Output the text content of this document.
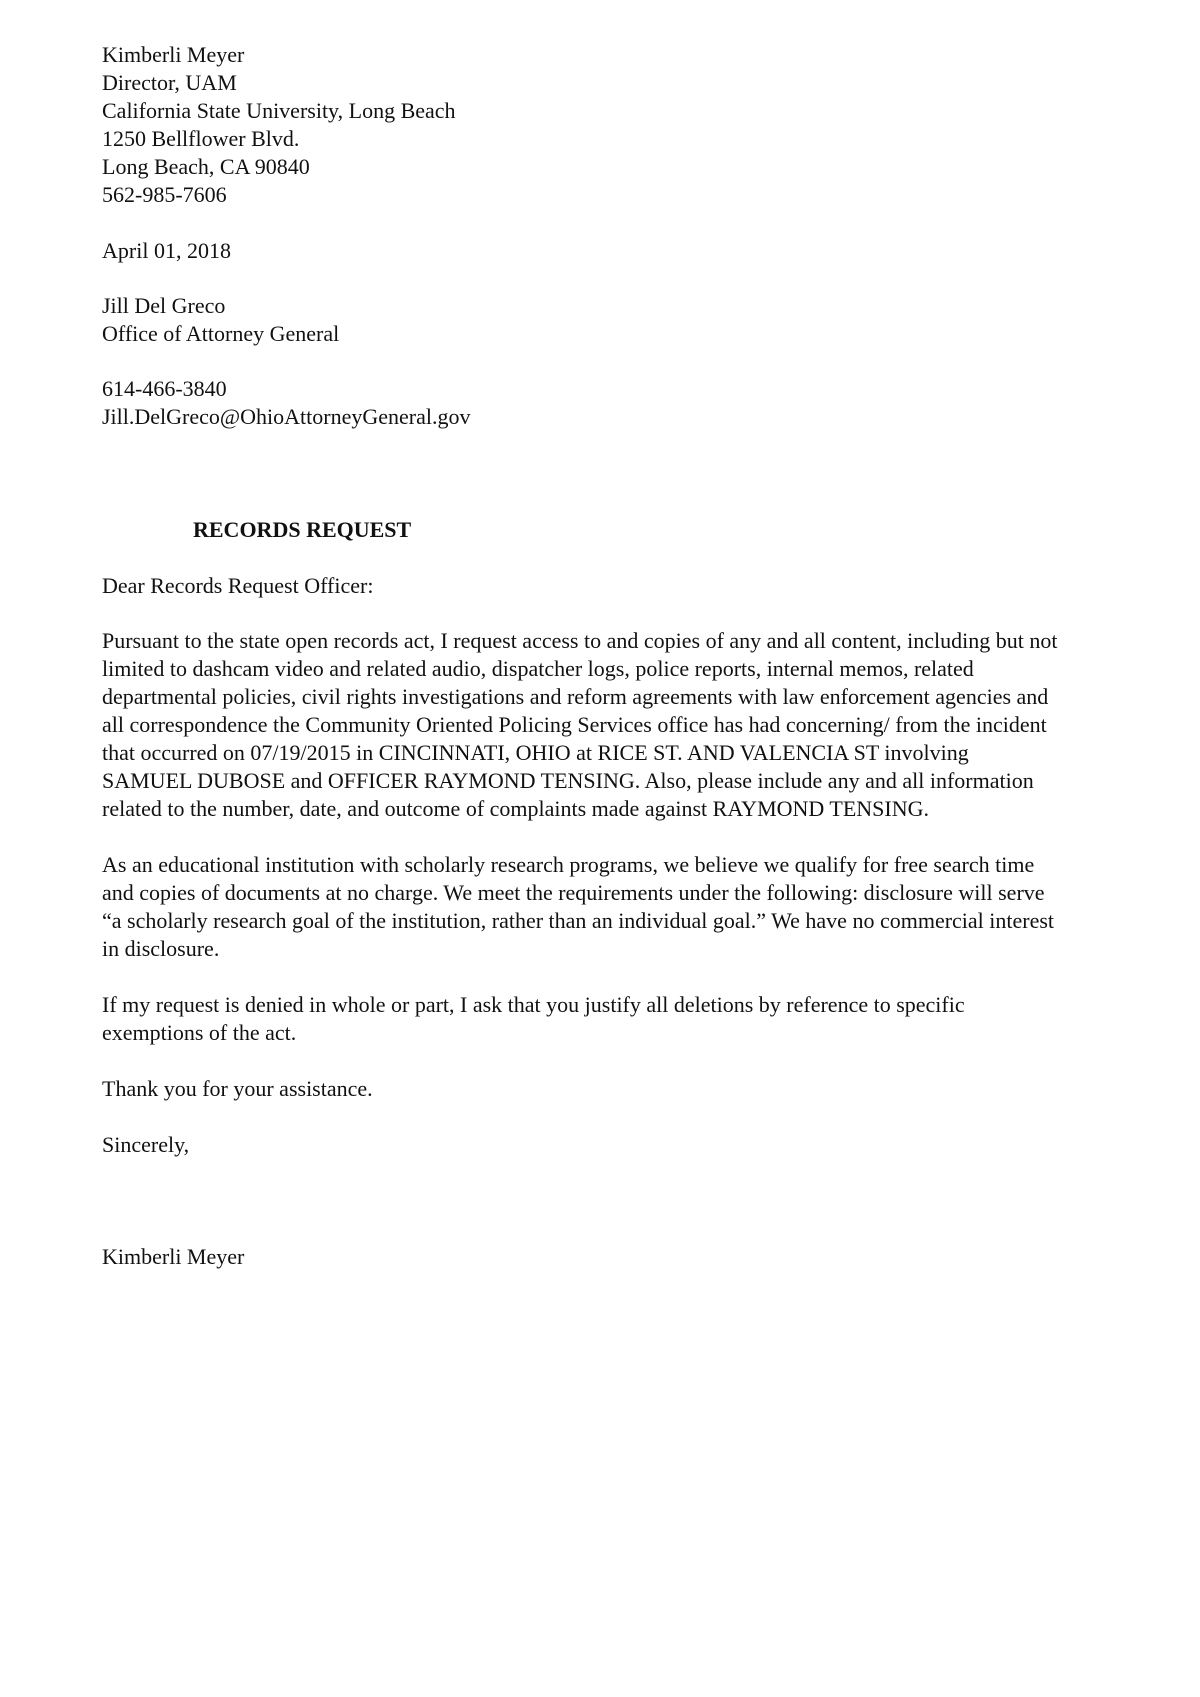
Kimberli Meyer
Director, UAM
California State University, Long Beach
1250 Bellflower Blvd.
Long Beach, CA 90840
562-985-7606
April 01, 2018
Jill Del Greco
Office of Attorney General
614-466-3840
Jill.DelGreco@OhioAttorneyGeneral.gov
RECORDS REQUEST
Dear Records Request Officer:
Pursuant to the state open records act, I request access to and copies of any and all content, including but not
limited to dashcam video and related audio, dispatcher logs, police reports, internal memos, related
departmental policies, civil rights investigations and reform agreements with law enforcement agencies and
all correspondence the Community Oriented Policing Services office has had concerning/ from the incident
that occurred on 07/19/2015 in CINCINNATI, OHIO at RICE ST. AND VALENCIA ST involving
SAMUEL DUBOSE and OFFICER RAYMOND TENSING. Also, please include any and all information
related to the number, date, and outcome of complaints made against RAYMOND TENSING.
As an educational institution with scholarly research programs, we believe we qualify for free search time
and copies of documents at no charge. We meet the requirements under the following: disclosure will serve
“a scholarly research goal of the institution, rather than an individual goal.” We have no commercial interest
in disclosure.
If my request is denied in whole or part, I ask that you justify all deletions by reference to specific
exemptions of the act.
Thank you for your assistance.
Sincerely,
Kimberli Meyer
